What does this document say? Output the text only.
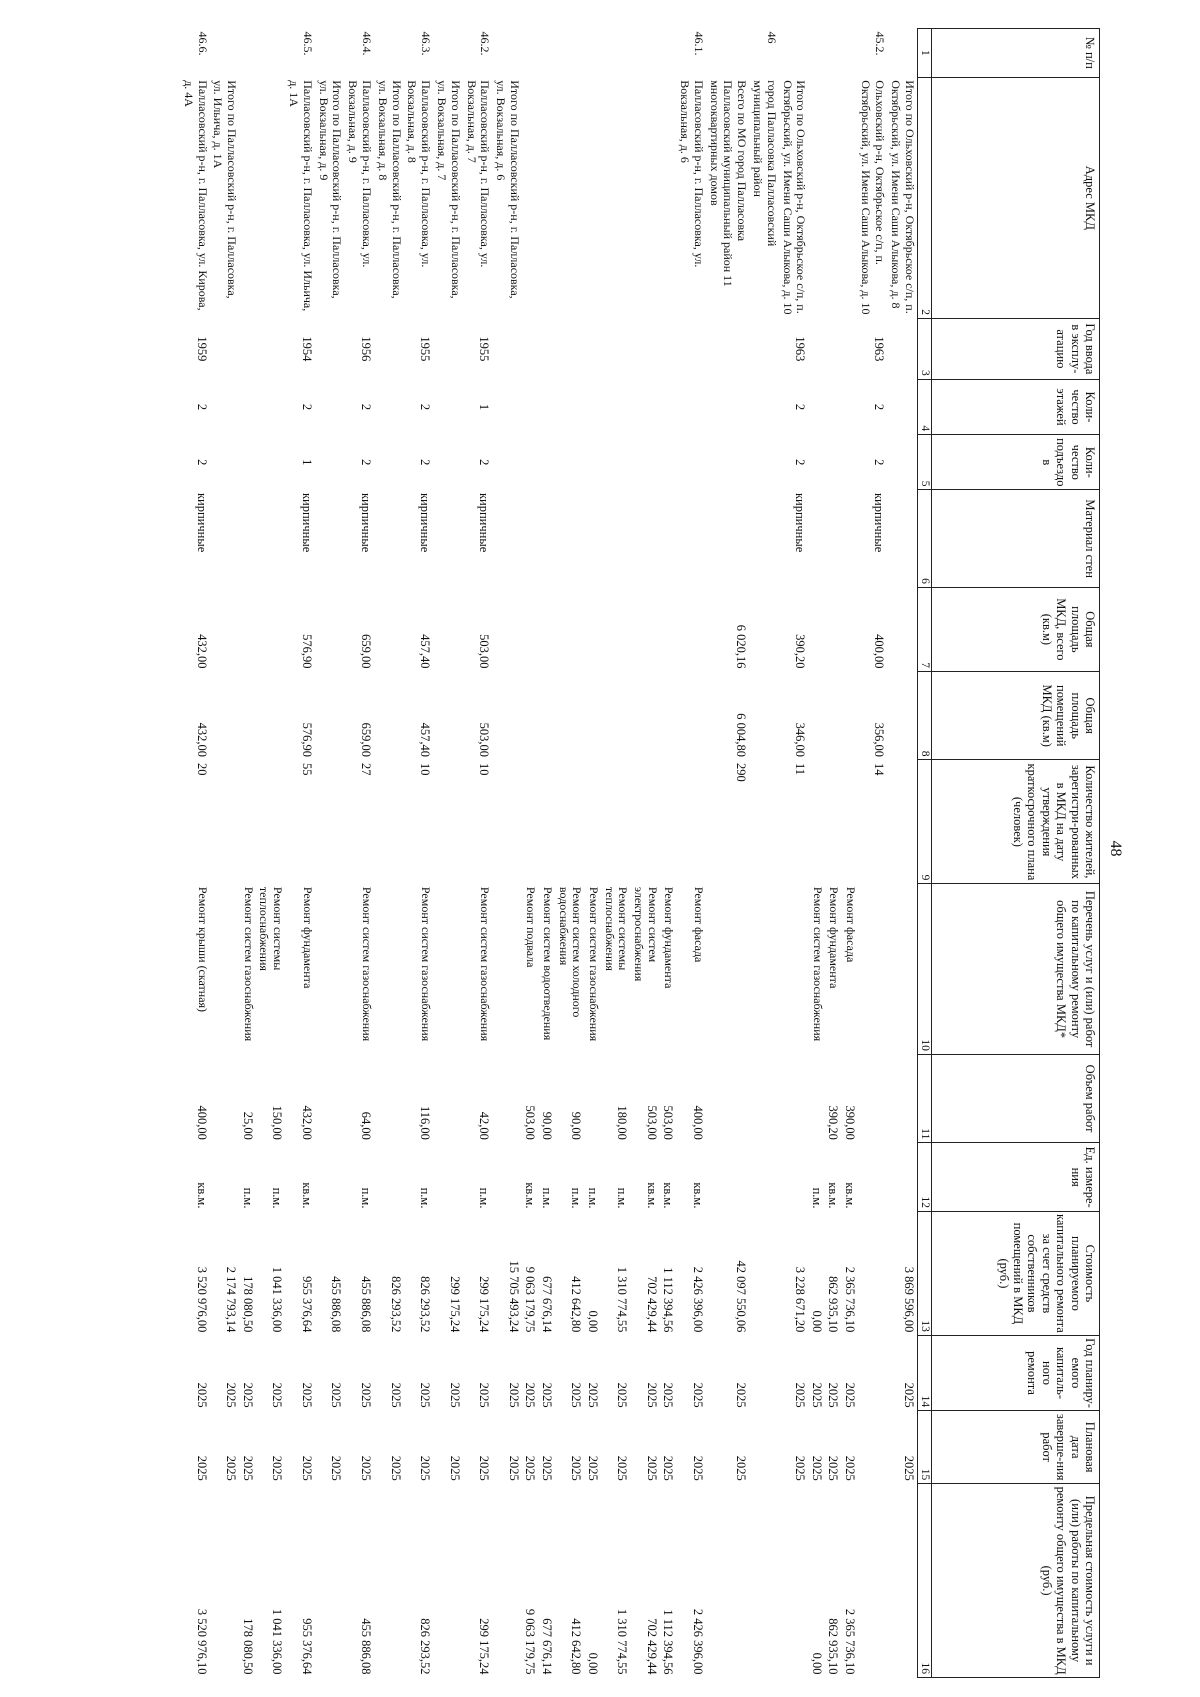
48
№ п/п	Адрес МКД	Год ввода в эксплу-атацию	Коли-чество этажей	Коли-чество подъездо в	Материал стен	Общая площадь МКД, всего (кв.м)	Общая площадь помещений МКД (кв.м)	Количество жителей, зарегистри-рованных в МКД на дату утверждения краткосрочного плана (человек)	Перечень услуг и (или) работ по капитальному ремонту общего имущества МКД*	Объем работ	Ед. измере-ния	Стоимость планируемого капитального ремонта за счет средств собственников помещений в МКД (руб.)	Год планиру-емого капиталь-ного ремонта	Плановая дата заверше-ния работ	Предельная стоимость услуги и (или) работы по капитальному ремонту общего имущества в МКД (руб.)
1	2	3	4	5	6	7	8	9	10	11	12	13	14	15	16
	Итого по Ольховский р-н, Октябрьское с/п, п. Октябрьский, ул. Имени Саши Алыкова, д. 8											3 869 596,00	2025	2025	
45.2.	Ольховский р-н, Октябрьское с/п, п. Октябрьский, ул. Имени Саши Алыкова, д. 10	1963	2	2	кирпичные	400,00	356,00	14							
									Ремонт фасада	390,00	кв.м.	2 365 736,10	2025	2025	2 365 736,10
									Ремонт фундамента	390,20	кв.м.	862 935,10	2025	2025	862 935,10
									Ремонт систем газоснабжения		п.м.	0,00	2025	2025	0,00
	Итого по Ольховский р-н, Октябрьское с/п, п. Октябрьский, ул. Имени Саши Алыкова, д. 10	1963	2	2	кирпичные	390,20	346,00	11				3 228 671,20	2025	2025	
46	город Палласовка Палласовский муниципальный район														
	Всего по МО город Палласовка Палласовский муниципальный район 11 многоквартирных домов					6 020,16	6 004,80	290				42 097 550,06	2025	2025	
46.1.	Палласовский р-н, г. Палласовка, ул. Вокзальная, д. 6								Ремонт фасада	400,00	кв.м.	2 426 396,00	2025	2025	2 426 396,00
									Ремонт фундамента	503,00	кв.м.	1 112 394,56	2025	2025	1 112 394,56
									Ремонт систем электроснабжения	503,00	кв.м.	702 429,44	2025	2025	702 429,44
									Ремонт системы теплоснабжения	180,00	п.м.	1 310 774,55	2025	2025	1 310 774,55
									Ремонт систем газоснабжения		п.м.	0,00	2025	2025	0,00
									Ремонт систем холодного водоснабжения	90,00	п.м.	412 642,80	2025	2025	412 642,80
									Ремонт систем водоотведения	90,00	п.м.	677 676,14	2025	2025	677 676,14
									Ремонт подвала	503,00	кв.м.	9 063 179,75	2025	2025	9 063 179,75
	Итого по Палласовский р-н, г. Палласовка, ул. Вокзальная, д. 6											15 705 493,24	2025	2025	
46.2.	Палласовский р-н, г. Палласовка, ул. Вокзальная, д. 7	1955	1	2	кирпичные	503,00	503,00	10	Ремонт систем газоснабжения	42,00	п.м.	299 175,24	2025	2025	299 175,24
	Итого по Палласовский р-н, г. Палласовка, ул. Вокзальная, д. 7											299 175,24	2025	2025	
46.3.	Палласовский р-н, г. Палласовка, ул. Вокзальная, д. 8	1955	2	2	кирпичные	457,40	457,40	10	Ремонт систем газоснабжения	116,00	п.м.	826 293,52	2025	2025	826 293,52
	Итого по Палласовский р-н, г. Палласовка, ул. Вокзальная, д. 8											826 293,52	2025	2025	
46.4.	Палласовский р-н, г. Палласовка, ул. Вокзальная, д. 9	1956	2	2	кирпичные	659,00	659,00	27	Ремонт систем газоснабжения	64,00	п.м.	455 886,08	2025	2025	455 886,08
	Итого по Палласовский р-н, г. Палласовка, ул. Вокзальная, д. 9											455 886,08	2025	2025	
46.5.	Палласовский р-н, г. Палласовка, ул. Ильича, д. 1А	1954	2	1	кирпичные	576,90	576,90	55	Ремонт фундамента	432,00	кв.м.	955 376,64	2025	2025	955 376,64
									Ремонт системы теплоснабжения	150,00	п.м.	1 041 336,00	2025	2025	1 041 336,00
									Ремонт систем газоснабжения	25,00	п.м.	178 080,50	2025	2025	178 080,50
	Итого по Палласовский р-н, г. Палласовка, ул. Ильича, д. 1А											2 174 793,14	2025	2025	
46.6.	Палласовский р-н, г. Палласовка, ул. Кирова, д. 4А	1959	2	2	кирпичные	432,00	432,00	20	Ремонт крыши (скатная)	400,00	кв.м.	3 520 976,00	2025	2025	3 520 976,10
